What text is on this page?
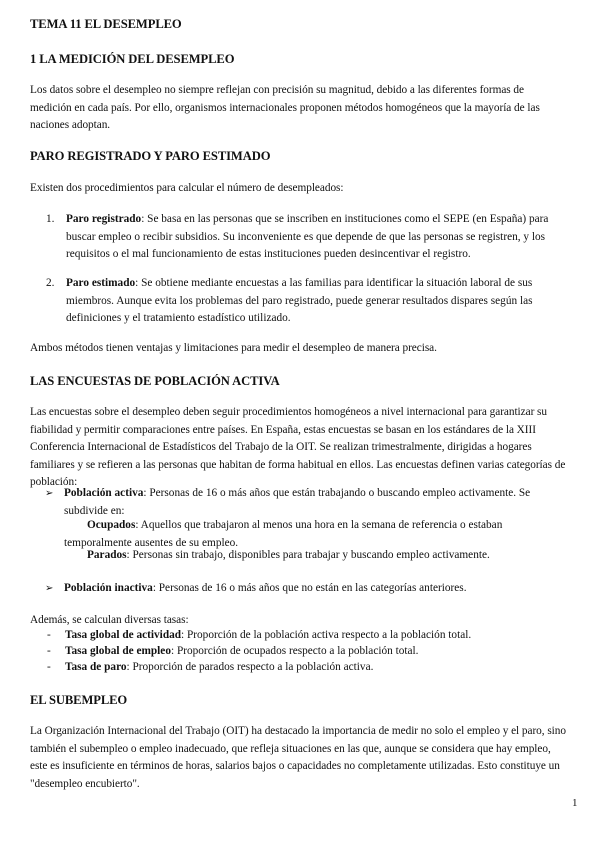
TEMA 11 EL DESEMPLEO
1 LA MEDICIÓN DEL DESEMPLEO
Los datos sobre el desempleo no siempre reflejan con precisión su magnitud, debido a las diferentes formas de medición en cada país. Por ello, organismos internacionales proponen métodos homogéneos que la mayoría de las naciones adoptan.
PARO REGISTRADO Y PARO ESTIMADO
Existen dos procedimientos para calcular el número de desempleados:
1. Paro registrado: Se basa en las personas que se inscriben en instituciones como el SEPE (en España) para buscar empleo o recibir subsidios. Su inconveniente es que depende de que las personas se registren, y los requisitos o el mal funcionamiento de estas instituciones pueden desincentivar el registro.
2. Paro estimado: Se obtiene mediante encuestas a las familias para identificar la situación laboral de sus miembros. Aunque evita los problemas del paro registrado, puede generar resultados dispares según las definiciones y el tratamiento estadístico utilizado.
Ambos métodos tienen ventajas y limitaciones para medir el desempleo de manera precisa.
LAS ENCUESTAS DE POBLACIÓN ACTIVA
Las encuestas sobre el desempleo deben seguir procedimientos homogéneos a nivel internacional para garantizar su fiabilidad y permitir comparaciones entre países. En España, estas encuestas se basan en los estándares de la XIII Conferencia Internacional de Estadísticos del Trabajo de la OIT. Se realizan trimestralmente, dirigidas a hogares familiares y se refieren a las personas que habitan de forma habitual en ellos. Las encuestas definen varias categorías de población:
➢ Población activa: Personas de 16 o más años que están trabajando o buscando empleo activamente. Se subdivide en:
Ocupados: Aquellos que trabajaron al menos una hora en la semana de referencia o estaban temporalmente ausentes de su empleo.
Parados: Personas sin trabajo, disponibles para trabajar y buscando empleo activamente.
➢ Población inactiva: Personas de 16 o más años que no están en las categorías anteriores.
Además, se calculan diversas tasas:
- Tasa global de actividad: Proporción de la población activa respecto a la población total.
- Tasa global de empleo: Proporción de ocupados respecto a la población total.
- Tasa de paro: Proporción de parados respecto a la población activa.
EL SUBEMPLEO
La Organización Internacional del Trabajo (OIT) ha destacado la importancia de medir no solo el empleo y el paro, sino también el subempleo o empleo inadecuado, que refleja situaciones en las que, aunque se considera que hay empleo, este es insuficiente en términos de horas, salarios bajos o capacidades no completamente utilizadas. Esto constituye un "desempleo encubierto".
1
